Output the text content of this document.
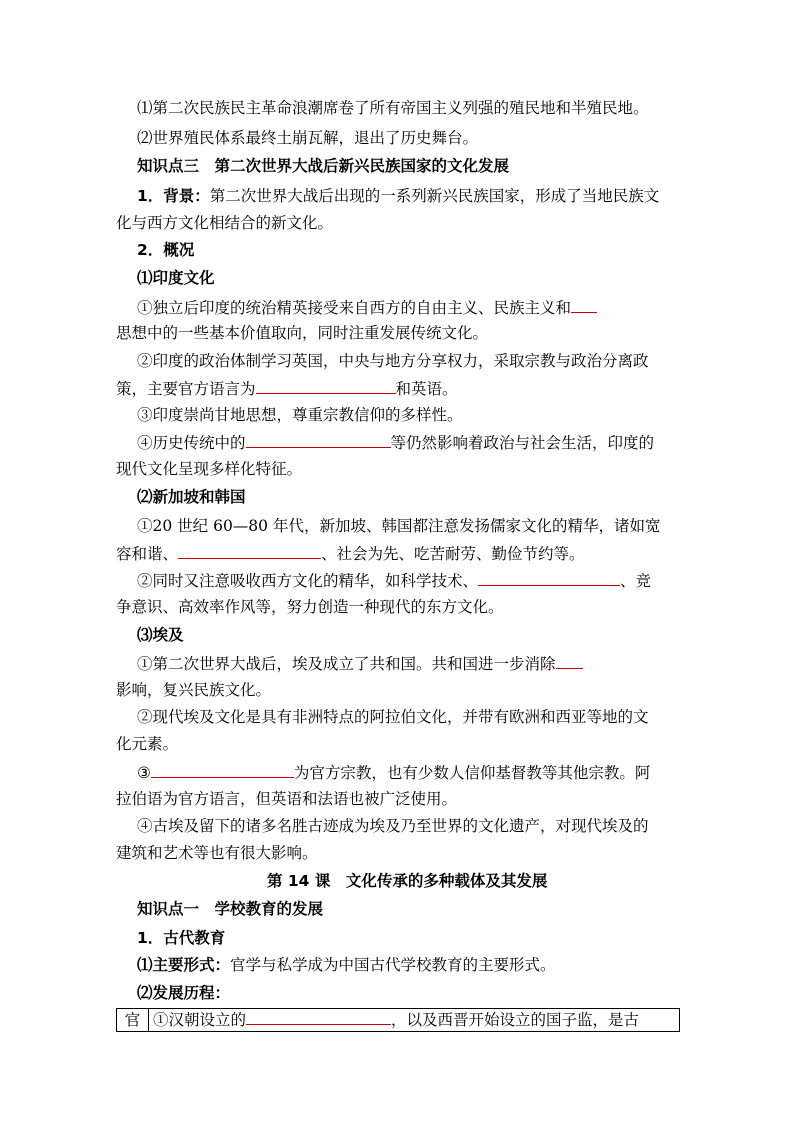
⑴第二次民族民主革命浪潮席卷了所有帝国主义列强的殖民地和半殖民地。
⑵世界殖民体系最终土崩瓦解，退出了历史舞台。
知识点三　第二次世界大战后新兴民族国家的文化发展
1．背景：第二次世界大战后出现的一系列新兴民族国家，形成了当地民族文
化与西方文化相结合的新文化。
2．概况
⑴印度文化
①独立后印度的统治精英接受来自西方的自由主义、民族主义和
思想中的一些基本价值取向，同时注重发展传统文化。
②印度的政治体制学习英国，中央与地方分享权力，采取宗教与政治分离政
策，主要官方语言为	和英语。
③印度崇尚甘地思想，尊重宗教信仰的多样性。
④历史传统中的	等仍然影响着政治与社会生活，印度的
现代文化呈现多样化特征。
⑵新加坡和韩国
①20 世纪 60—80 年代，新加坡、韩国都注意发扬儒家文化的精华，诸如宽
容和谐、	、社会为先、吃苦耐劳、勤俭节约等。
②同时又注意吸收西方文化的精华，如科学技术、	、竞
争意识、高效率作风等，努力创造一种现代的东方文化。
⑶埃及
①第二次世界大战后，埃及成立了共和国。共和国进一步消除
影响，复兴民族文化。
②现代埃及文化是具有非洲特点的阿拉伯文化，并带有欧洲和西亚等地的文
化元素。
③	为官方宗教，也有少数人信仰基督教等其他宗教。阿
拉伯语为官方语言，但英语和法语也被广泛使用。
④古埃及留下的诸多名胜古迹成为埃及乃至世界的文化遗产，对现代埃及的
建筑和艺术等也有很大影响。
第 14 课　文化传承的多种载体及其发展
知识点一　学校教育的发展
1．古代教育
⑴主要形式：官学与私学成为中国古代学校教育的主要形式。
⑵发展历程：
官 ①汉朝设立的	，以及西晋开始设立的国子监，是古
